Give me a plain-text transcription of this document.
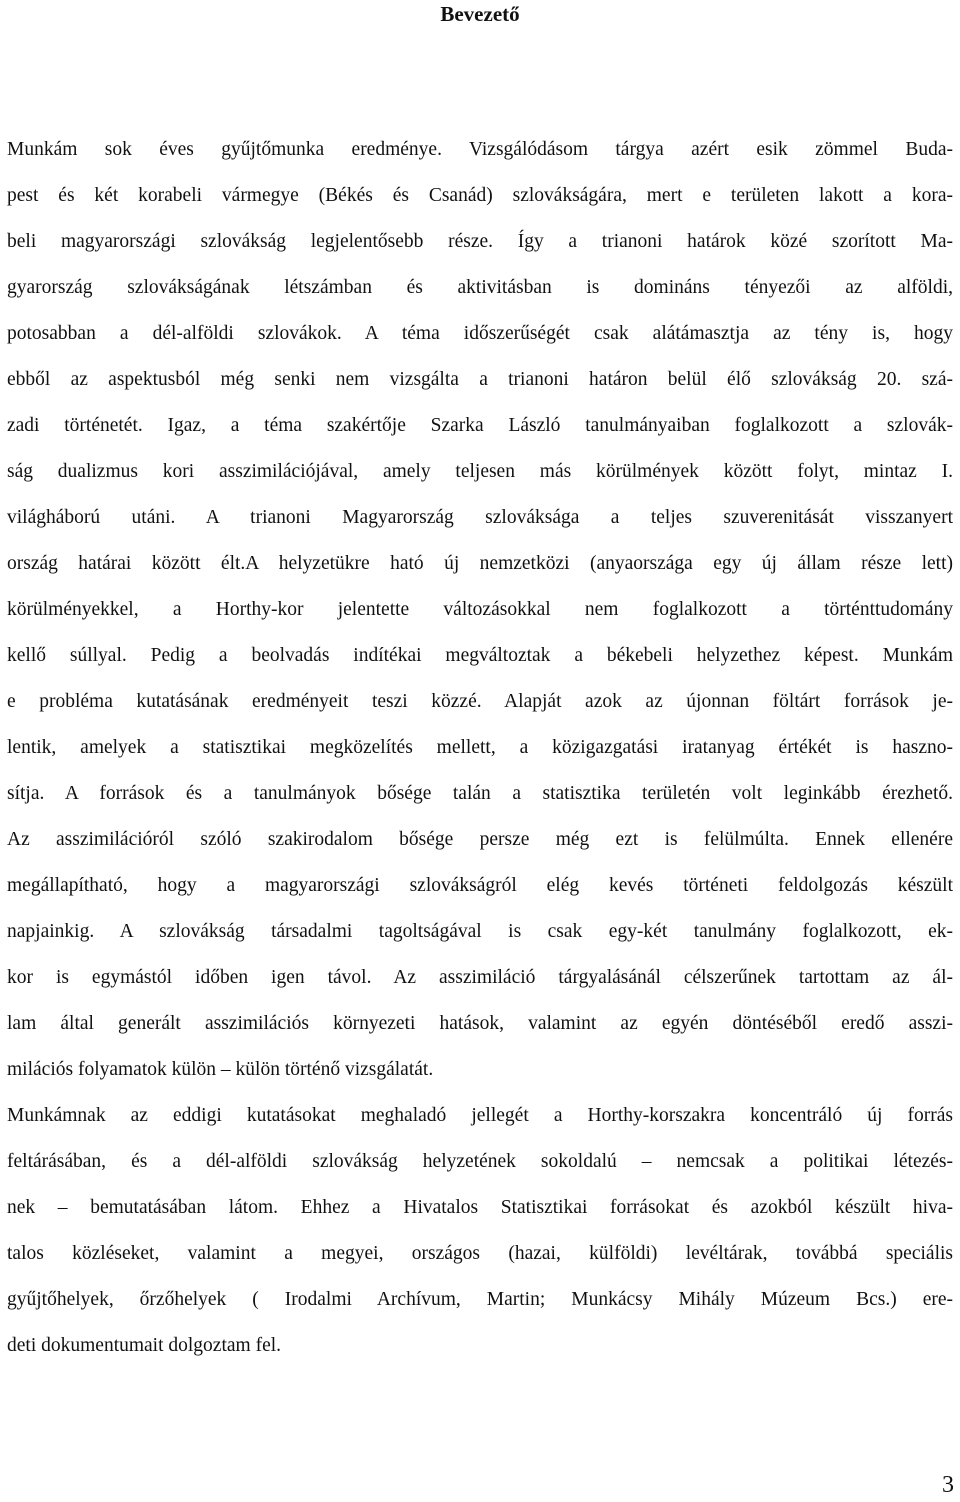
Bevezető
Munkám sok éves gyűjtőmunka eredménye. Vizsgálódásom tárgya azért esik zömmel Buda-
pest és két korabeli vármegye (Békés és Csanád) szlovákságára, mert e területen lakott a kora-
beli magyarországi szlovákság legjelentősebb része. Így a trianoni határok közé szorított Ma-
gyarország szlovákságának létszámban és aktivitásban is domináns tényezői az alföldi,
potosabban a dél-alföldi szlovákok. A téma időszerűségét csak alátámasztja az tény is, hogy
ebből az aspektusból még senki nem vizsgálta a trianoni határon belül élő szlovákság 20. szá-
zadi történetét. Igaz, a téma szakértője Szarka László tanulmányaiban foglalkozott a szlovák-
ság dualizmus kori asszimilációjával, amely teljesen más körülmények között folyt, mintaz I.
világháború utáni. A trianoni Magyarország szlováksága a teljes szuverenitását visszanyert
ország határai között élt.A helyzetükre ható új nemzetközi (anyaországa egy új állam része lett)
körülményekkel, a Horthy-kor jelentette változásokkal nem foglalkozott a történttudomány
kellő súllyal. Pedig a beolvadás indítékai megváltoztak a békebeli helyzethez képest. Munkám
e probléma kutatásának eredményeit teszi közzé. Alapját azok az újonnan föltárt források je-
lentik, amelyek a statisztikai megközelítés mellett, a közigazgatási iratanyag értékét is haszno-
sítja. A források és a tanulmányok bősége talán a statisztika területén volt leginkább érezhető.
Az asszimilációról szóló szakirodalom bősége persze még ezt is felülmúlta. Ennek ellenére
megállapítható, hogy a magyarországi szlovákságról elég kevés történeti feldolgozás készült
napjainkig. A szlovákság társadalmi tagoltságával is csak egy-két tanulmány foglalkozott, ek-
kor is egymástól időben igen távol. Az asszimiláció tárgyalásánál célszerűnek tartottam az ál-
lam által generált asszimilációs környezeti hatások, valamint az egyén döntéséből eredő asszi-
milációs folyamatok külön – külön történő vizsgálatát.
Munkámnak az eddigi kutatásokat meghaladó jellegét a Horthy-korszakra koncentráló új forrás
feltárásában, és a dél-alföldi szlovákság helyzetének sokoldalú – nemcsak a politikai létezés-
nek – bemutatásában látom. Ehhez a Hivatalos Statisztikai forrásokat és azokból készült hiva-
talos közléseket, valamint a megyei, országos (hazai, külföldi) levéltárak, továbbá speciális
gyűjtőhelyek, őrzőhelyek ( Irodalmi Archívum, Martin; Munkácsy Mihály Múzeum Bcs.) ere-
deti dokumentumait dolgoztam fel.
3
